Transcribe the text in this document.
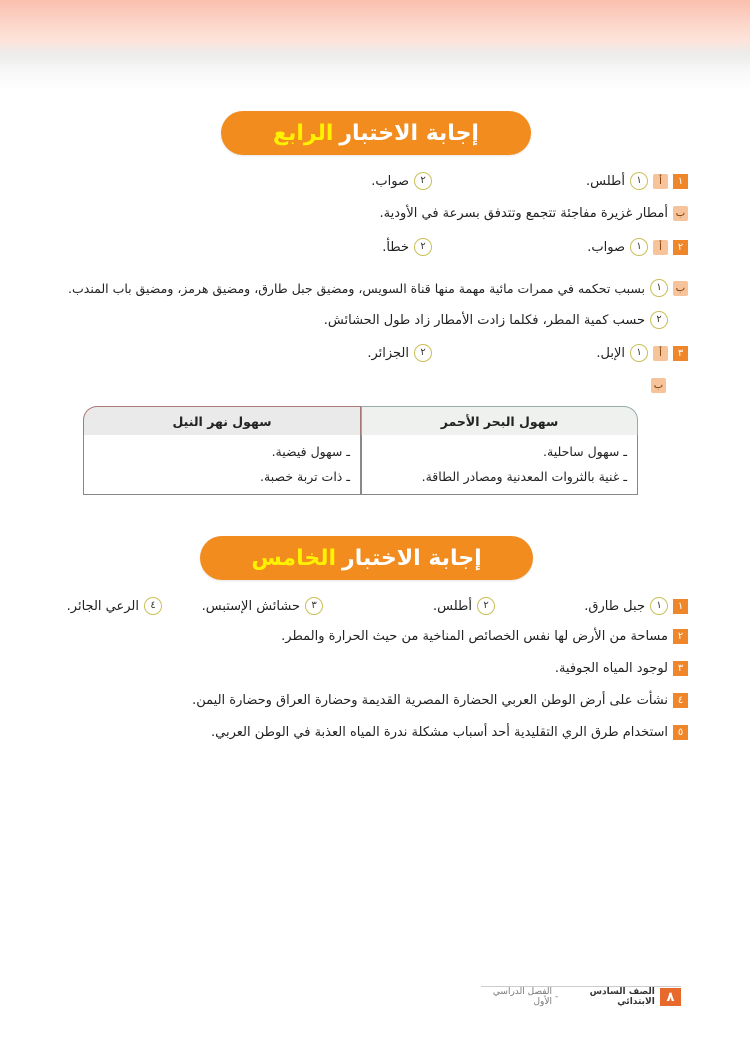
إجابة الاختبار
الرابع
١
أ
١
أطلس.
٢
صواب.
ب
أمطار غزيرة مفاجئة تتجمع وتتدفق بسرعة في الأودية.
٢
أ
١
صواب.
٢
خطأ.
ب
١
بسبب تحكمه في ممرات مائية مهمة منها قناة السويس، ومضيق جبل طارق، ومضيق هرمز، ومضيق باب المندب.
٢
حسب كمية المطر، فكلما زادت الأمطار زاد طول الحشائش.
٣
أ
١
الإبل.
٢
الجزائر.
ب
سهول البحر الأحمر
ـ سهول ساحلية.
ـ غنية بالثروات المعدنية ومصادر الطاقة.
سهول نهر النيل
ـ سهول فيضية.
ـ ذات تربة خصبة.
إجابة الاختبار
الخامس
١
١
جبل طارق.
٢
أطلس.
٣
حشائش الإستبس.
٤
الرعي الجائر.
٢
مساحة من الأرض لها نفس الخصائص المناخية من حيث الحرارة والمطر.
٣
لوجود المياه الجوفية.
٤
نشأت على أرض الوطن العربي الحضارة المصرية القديمة وحضارة العراق وحضارة اليمن.
٥
استخدام طرق الري التقليدية أحد أسباب مشكلة ندرة المياه العذبة في الوطن العربي.
٨
الصف السادس الابتدائي
-
الفصل الدراسي الأول
